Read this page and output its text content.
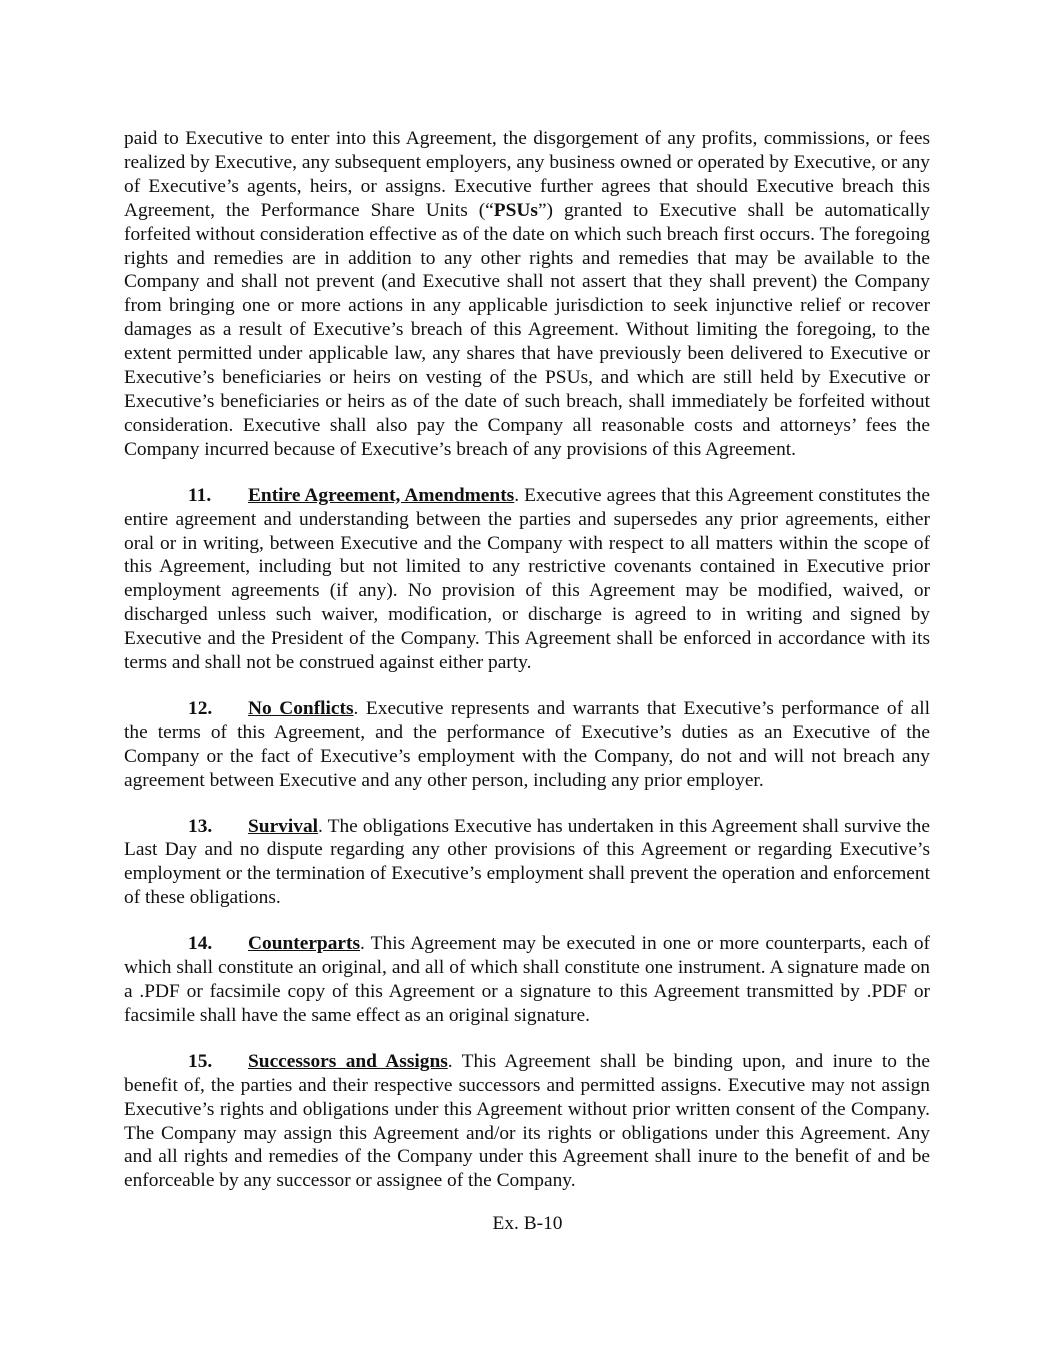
paid to Executive to enter into this Agreement, the disgorgement of any profits, commissions, or fees realized by Executive, any subsequent employers, any business owned or operated by Executive, or any of Executive’s agents, heirs, or assigns. Executive further agrees that should Executive breach this Agreement, the Performance Share Units (“PSUs”) granted to Executive shall be automatically forfeited without consideration effective as of the date on which such breach first occurs. The foregoing rights and remedies are in addition to any other rights and remedies that may be available to the Company and shall not prevent (and Executive shall not assert that they shall prevent) the Company from bringing one or more actions in any applicable jurisdiction to seek injunctive relief or recover damages as a result of Executive’s breach of this Agreement. Without limiting the foregoing, to the extent permitted under applicable law, any shares that have previously been delivered to Executive or Executive’s beneficiaries or heirs on vesting of the PSUs, and which are still held by Executive or Executive’s beneficiaries or heirs as of the date of such breach, shall immediately be forfeited without consideration. Executive shall also pay the Company all reasonable costs and attorneys’ fees the Company incurred because of Executive’s breach of any provisions of this Agreement.

11. Entire Agreement, Amendments. Executive agrees that this Agreement constitutes the entire agreement and understanding between the parties and supersedes any prior agreements, either oral or in writing, between Executive and the Company with respect to all matters within the scope of this Agreement, including but not limited to any restrictive covenants contained in Executive prior employment agreements (if any). No provision of this Agreement may be modified, waived, or discharged unless such waiver, modification, or discharge is agreed to in writing and signed by Executive and the President of the Company. This Agreement shall be enforced in accordance with its terms and shall not be construed against either party.

12. No Conflicts. Executive represents and warrants that Executive’s performance of all the terms of this Agreement, and the performance of Executive’s duties as an Executive of the Company or the fact of Executive’s employment with the Company, do not and will not breach any agreement between Executive and any other person, including any prior employer.

13. Survival. The obligations Executive has undertaken in this Agreement shall survive the Last Day and no dispute regarding any other provisions of this Agreement or regarding Executive’s employment or the termination of Executive’s employment shall prevent the operation and enforcement of these obligations.

14. Counterparts. This Agreement may be executed in one or more counterparts, each of which shall constitute an original, and all of which shall constitute one instrument. A signature made on a .PDF or facsimile copy of this Agreement or a signature to this Agreement transmitted by .PDF or facsimile shall have the same effect as an original signature.

15. Successors and Assigns. This Agreement shall be binding upon, and inure to the benefit of, the parties and their respective successors and permitted assigns. Executive may not assign Executive’s rights and obligations under this Agreement without prior written consent of the Company. The Company may assign this Agreement and/or its rights or obligations under this Agreement. Any and all rights and remedies of the Company under this Agreement shall inure to the benefit of and be enforceable by any successor or assignee of the Company.

Ex. B-10
